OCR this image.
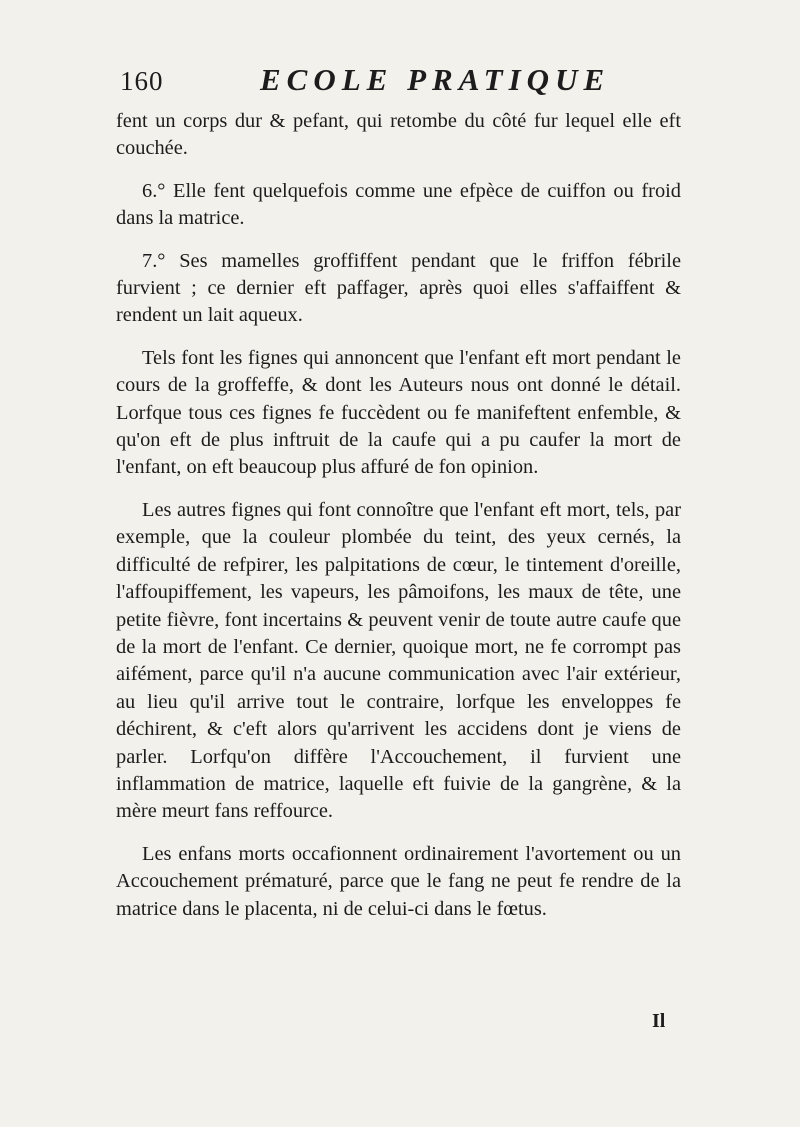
160	ECOLE PRATIQUE

fent un corps dur & pefant, qui retombe du côté fur lequel elle eft couchée.

6.° Elle fent quelquefois comme une efpèce de cuiffon ou froid dans la matrice.

7.° Ses mamelles groffiffent pendant que le friffon fébrile furvient ; ce dernier eft paffager, après quoi elles s'affaiffent & rendent un lait aqueux.

Tels font les fignes qui annoncent que l'enfant eft mort pendant le cours de la groffeffe, & dont les Auteurs nous ont donné le détail. Lorfque tous ces fignes fe fuccèdent ou fe manifeftent enfemble, & qu'on eft de plus inftruit de la caufe qui a pu caufer la mort de l'enfant, on eft beaucoup plus affuré de fon opinion.

Les autres fignes qui font connoître que l'enfant eft mort, tels, par exemple, que la couleur plombée du teint, des yeux cernés, la difficulté de refpirer, les palpitations de cœur, le tintement d'oreille, l'affoupiffement, les vapeurs, les pâmoifons, les maux de tête, une petite fièvre, font incertains & peuvent venir de toute autre caufe que de la mort de l'enfant. Ce dernier, quoique mort, ne fe corrompt pas aifément, parce qu'il n'a aucune communication avec l'air extérieur, au lieu qu'il arrive tout le contraire, lorfque les enveloppes fe déchirent, & c'eft alors qu'arrivent les accidens dont je viens de parler. Lorfqu'on diffère l'Accouchement, il furvient une inflammation de matrice, laquelle eft fuivie de la gangrène, & la mère meurt fans reffource.

Les enfans morts occafionnent ordinairement l'avortement ou un Accouchement prématuré, parce que le fang ne peut fe rendre de la matrice dans le placenta, ni de celui-ci dans le fœtus.

Il
